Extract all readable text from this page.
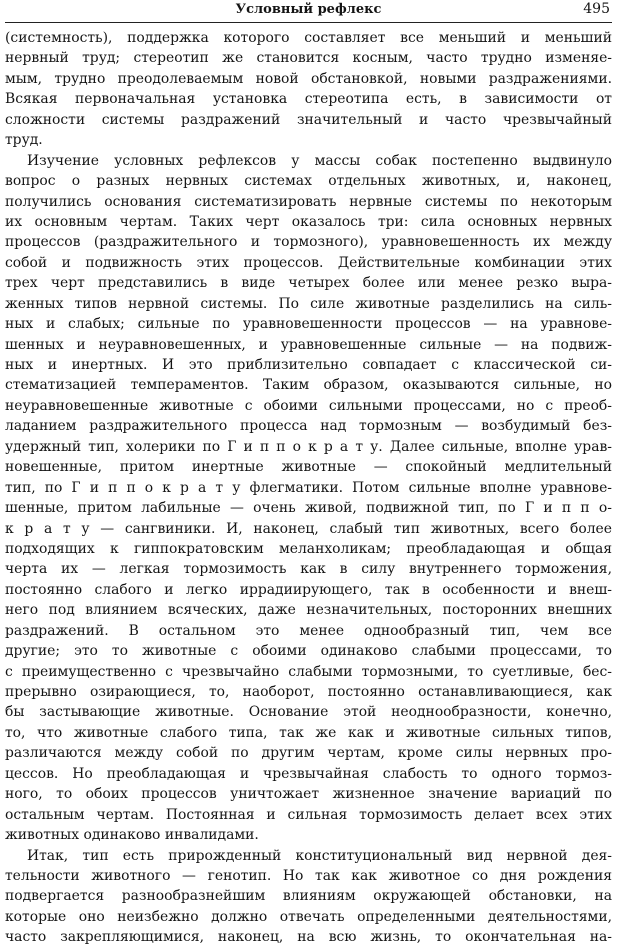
Условный рефлекс	495
(системность), поддержка которого составляет все меньший и меньший
нервный труд; стереотип же становится косным, часто трудно изменяе-
мым, трудно преодолеваемым новой обстановкой, новыми раздражениями.
Всякая первоначальная установка стереотипа есть, в зависимости от
сложности системы раздражений значительный и часто чрезвычайный
труд.
Изучение условных рефлексов у массы собак постепенно выдвинуло
вопрос о разных нервных системах отдельных животных, и, наконец,
получились основания систематизировать нервные системы по некоторым
их основным чертам. Таких черт оказалось три: сила основных нервных
процессов (раздражительного и тормозного), уравновешенность их между
собой и подвижность этих процессов. Действительные комбинации этих
трех черт представились в виде четырех более или менее резко выра-
женных типов нервной системы. По силе животные разделились на силь-
ных и слабых; сильные по уравновешенности процессов — на уравнове-
шенных и неуравновешенных, и уравновешенные сильные — на подвиж-
ных и инертных. И это приблизительно совпадает с классической си-
стематизацией темпераментов. Таким образом, оказываются сильные, но
неуравновешенные животные с обоими сильными процессами, но с преоб-
ладанием раздражительного процесса над тормозным — возбудимый без-
удержный тип, холерики по Г и п п о к р а т у. Далее сильные, вполне урав-
новешенные, притом инертные животные — спокойный медлительный
тип, по Г и п п о к р а т у флегматики. Потом сильные вполне уравнове-
шенные, притом лабильные — очень живой, подвижной тип, по Г и п п о-
к р а т у — сангвиники. И, наконец, слабый тип животных, всего более
подходящих к гиппократовским меланхоликам; преобладающая и общая
черта их — легкая тормозимость как в силу внутреннего торможения,
постоянно слабого и легко иррадиирующего, так в особенности и внеш-
него под влиянием всяческих, даже незначительных, посторонних внешних
раздражений. В остальном это менее однообразный тип, чем все
другие; это то животные с обоими одинаково слабыми процессами, то
с преимущественно с чрезвычайно слабыми тормозными, то суетливые, бес-
прерывно озирающиеся, то, наоборот, постоянно останавливающиеся, как
бы застывающие животные. Основание этой неоднообразности, конечно,
то, что животные слабого типа, так же как и животные сильных типов,
различаются между собой по другим чертам, кроме силы нервных про-
цессов. Но преобладающая и чрезвычайная слабость то одного тормоз-
ного, то обоих процессов уничтожает жизненное значение вариаций по
остальным чертам. Постоянная и сильная тормозимость делает всех этих
животных одинаково инвалидами.
Итак, тип есть прирожденный конституциональный вид нервной дея-
тельности животного — генотип. Но так как животное со дня рождения
подвергается разнообразнейшим влияниям окружающей обстановки, на
которые оно неизбежно должно отвечать определенными деятельностями,
часто закрепляющимися, наконец, на всю жизнь, то окончательная на-
